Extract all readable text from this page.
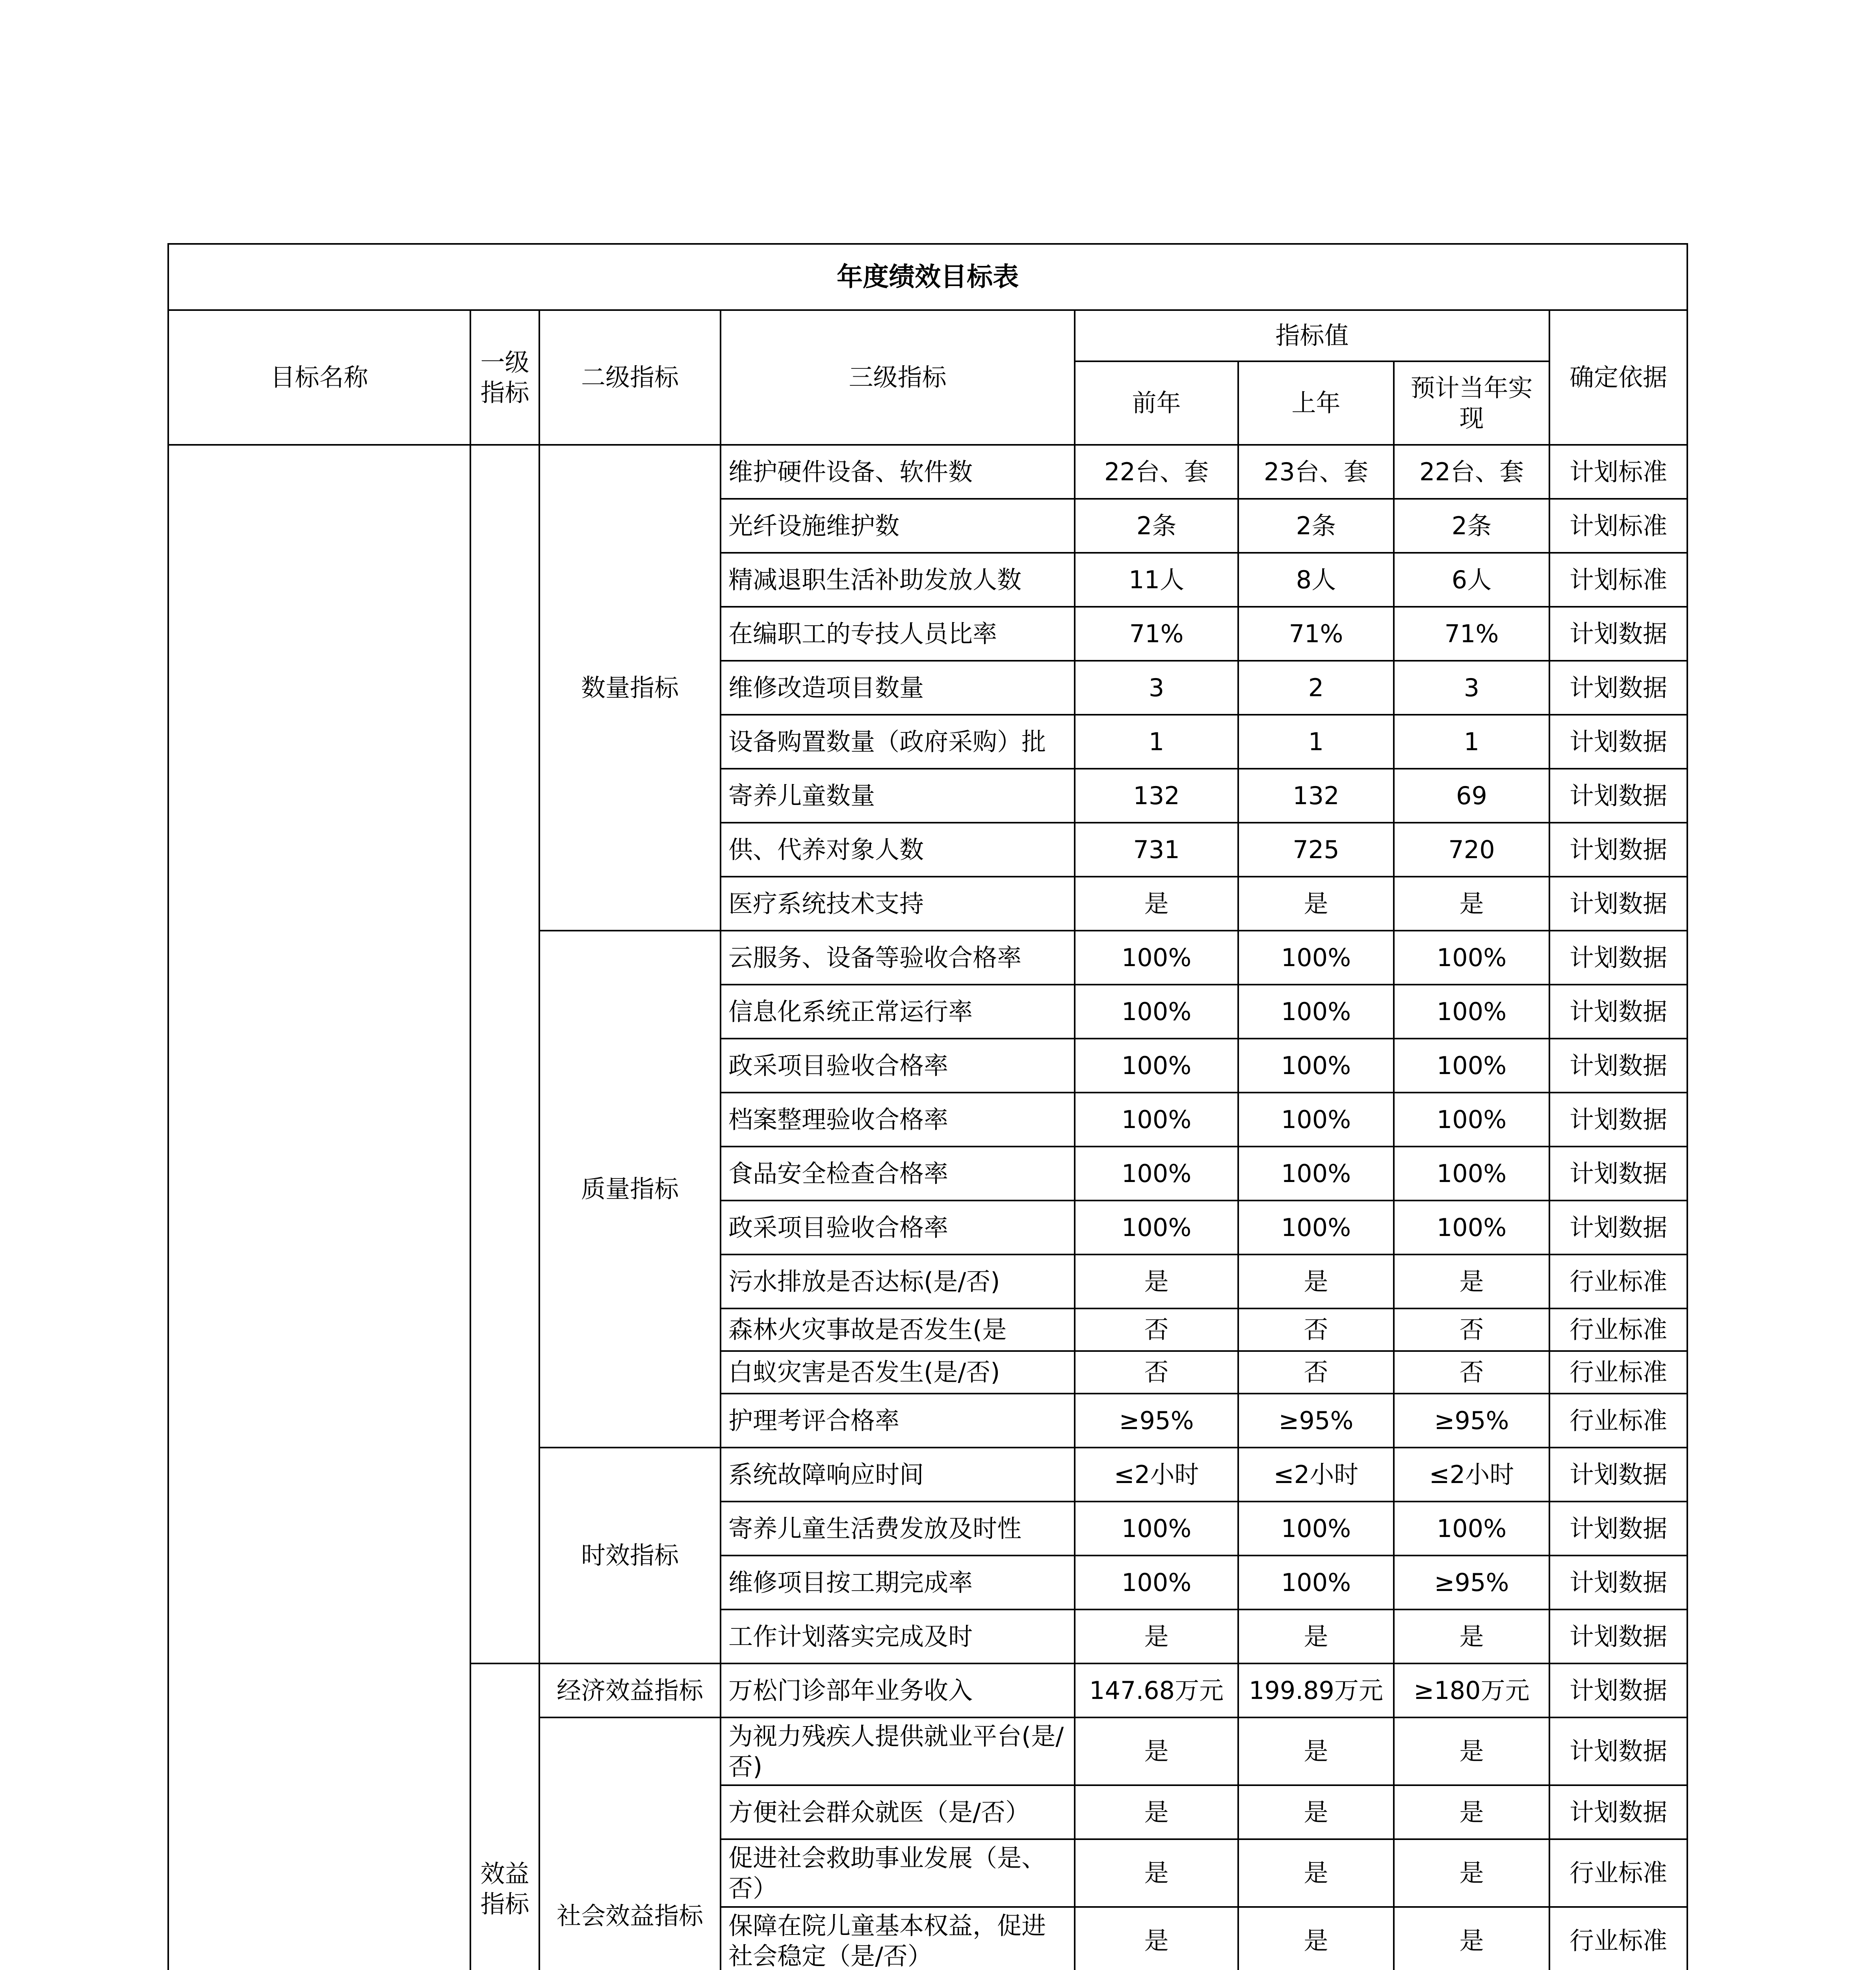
年度绩效目标表							
目标名称	一级指标	二级指标	三级指标	指标值			确定依据
				前年	上年	预计当年实现	
		数量指标	维护硬件设备、软件数	22台、套	23台、套	22台、套	计划标准
			光纤设施维护数	2条	2条	2条	计划标准
			精减退职生活补助发放人数	11人	8人	6人	计划标准
			在编职工的专技人员比率	71%	71%	71%	计划数据
			维修改造项目数量	3	2	3	计划数据
			设备购置数量（政府采购）批	1	1	1	计划数据
			寄养儿童数量	132	132	69	计划数据
			供、代养对象人数	731	725	720	计划数据
			医疗系统技术支持	是	是	是	计划数据
		质量指标	云服务、设备等验收合格率	100%	100%	100%	计划数据
			信息化系统正常运行率	100%	100%	100%	计划数据
			政采项目验收合格率	100%	100%	100%	计划数据
			档案整理验收合格率	100%	100%	100%	计划数据
			食品安全检查合格率	100%	100%	100%	计划数据
			政采项目验收合格率	100%	100%	100%	计划数据
			污水排放是否达标(是/否)	是	是	是	行业标准
			森林火灾事故是否发生(是	否	否	否	行业标准
			白蚁灾害是否发生(是/否)	否	否	否	行业标准
			护理考评合格率	≥95%	≥95%	≥95%	行业标准
		时效指标	系统故障响应时间	≤2小时	≤2小时	≤2小时	计划数据
			寄养儿童生活费发放及时性	100%	100%	100%	计划数据
			维修项目按工期完成率	100%	100%	≥95%	计划数据
			工作计划落实完成及时	是	是	是	计划数据
	效益指标	经济效益指标	万松门诊部年业务收入	147.68万元	199.89万元	≥180万元	计划数据
		社会效益指标	为视力残疾人提供就业平台(是/否)	是	是	是	计划数据
			方便社会群众就医（是/否）	是	是	是	计划数据
			促进社会救助事业发展（是、否）	是	是	是	行业标准
			保障在院儿童基本权益，促进社会稳定（是/否）	是	是	是	行业标准
